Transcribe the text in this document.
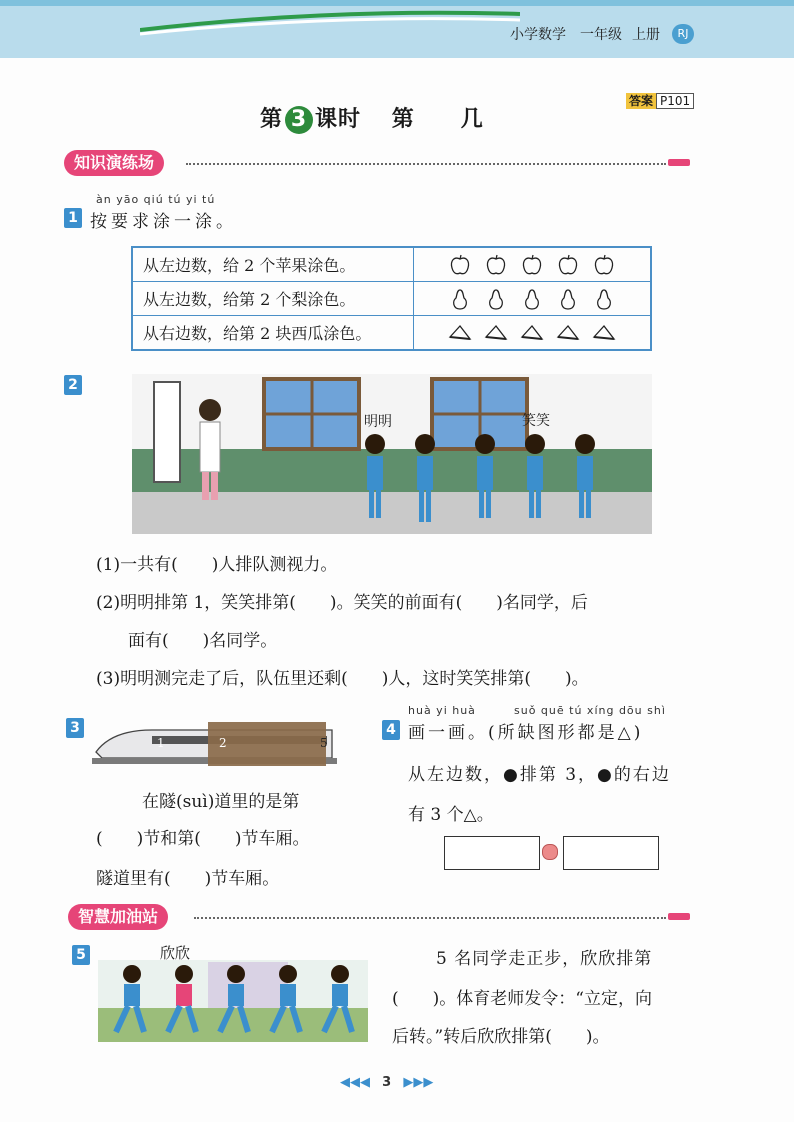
小学数学 一年级 上册	RJ
第 3 课时 第　　几
答案 P101
知识演练场
àn yāo qiú tú yi tú
1 按要求涂一涂。
从左边数，给 2 个苹果涂色。	
从左边数，给第 2 个梨涂色。	
从右边数，给第 2 块西瓜涂色。	
2
明明	笑笑
(1)一共有(　　)人排队测视力。
(2)明明排第 1，笑笑排第(　　)。笑笑的前面有(　　)名同学，后
面有(　　)名同学。
(3)明明测完走了后，队伍里还剩(　　)人，这时笑笑排第(　　)。
3
1	2	5
在隧(suì)道里的是第
(　　)节和第(　　)节车厢。
隧道里有(　　)节车厢。
huà yi huà	suǒ quē tú xíng dōu shì
4 画一画。(所缺图形都是△)
从左边数，●排第 3，●的右边
有 3 个△。
智慧加油站
5	欣欣	5 名同学走正步，欣欣排第
(　　)。体育老师发令：“立定，向
后转。”转后欣欣排第(　　)。
◀◀◀ 3 ▶▶▶
